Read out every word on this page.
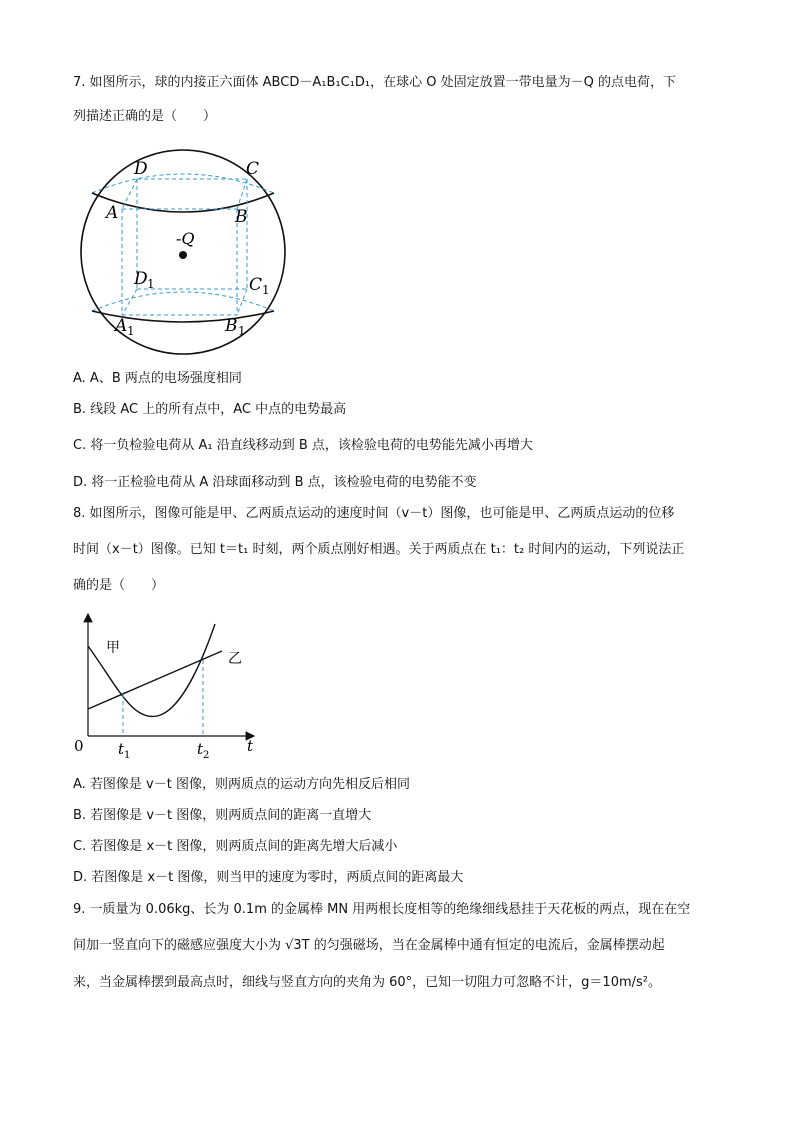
7. 如图所示，球的内接正六面体 ABCD－A₁B₁C₁D₁，在球心 O 处固定放置一带电量为－Q 的点电荷，下
列描述正确的是（　　）
-Q
D	C
A	B
D 1	C 1
A 1	B 1
A. A、B 两点的电场强度相同
B. 线段 AC 上的所有点中，AC 中点的电势最高
C. 将一负检验电荷从 A₁ 沿直线移动到 B 点，该检验电荷的电势能先减小再增大
D. 将一正检验电荷从 A 沿球面移动到 B 点，该检验电荷的电势能不变
8. 如图所示，图像可能是甲、乙两质点运动的速度时间（v－t）图像，也可能是甲、乙两质点运动的位移
时间（x－t）图像。已知 t＝t₁ 时刻，两个质点刚好相遇。关于两质点在 t₁：t₂ 时间内的运动，下列说法正
确的是（　　）
甲
乙
0 t 1	t 2
t
A. 若图像是 v－t 图像，则两质点的运动方向先相反后相同
B. 若图像是 v－t 图像，则两质点间的距离一直增大
C. 若图像是 x－t 图像，则两质点间的距离先增大后减小
D. 若图像是 x－t 图像，则当甲的速度为零时，两质点间的距离最大
9. 一质量为 0.06kg、长为 0.1m 的金属棒 MN 用两根长度相等的绝缘细线悬挂于天花板的两点，现在在空
间加一竖直向下的磁感应强度大小为 √3T 的匀强磁场，当在金属棒中通有恒定的电流后，金属棒摆动起
来，当金属棒摆到最高点时，细线与竖直方向的夹角为 60°，已知一切阻力可忽略不计，g＝10m/s²。
